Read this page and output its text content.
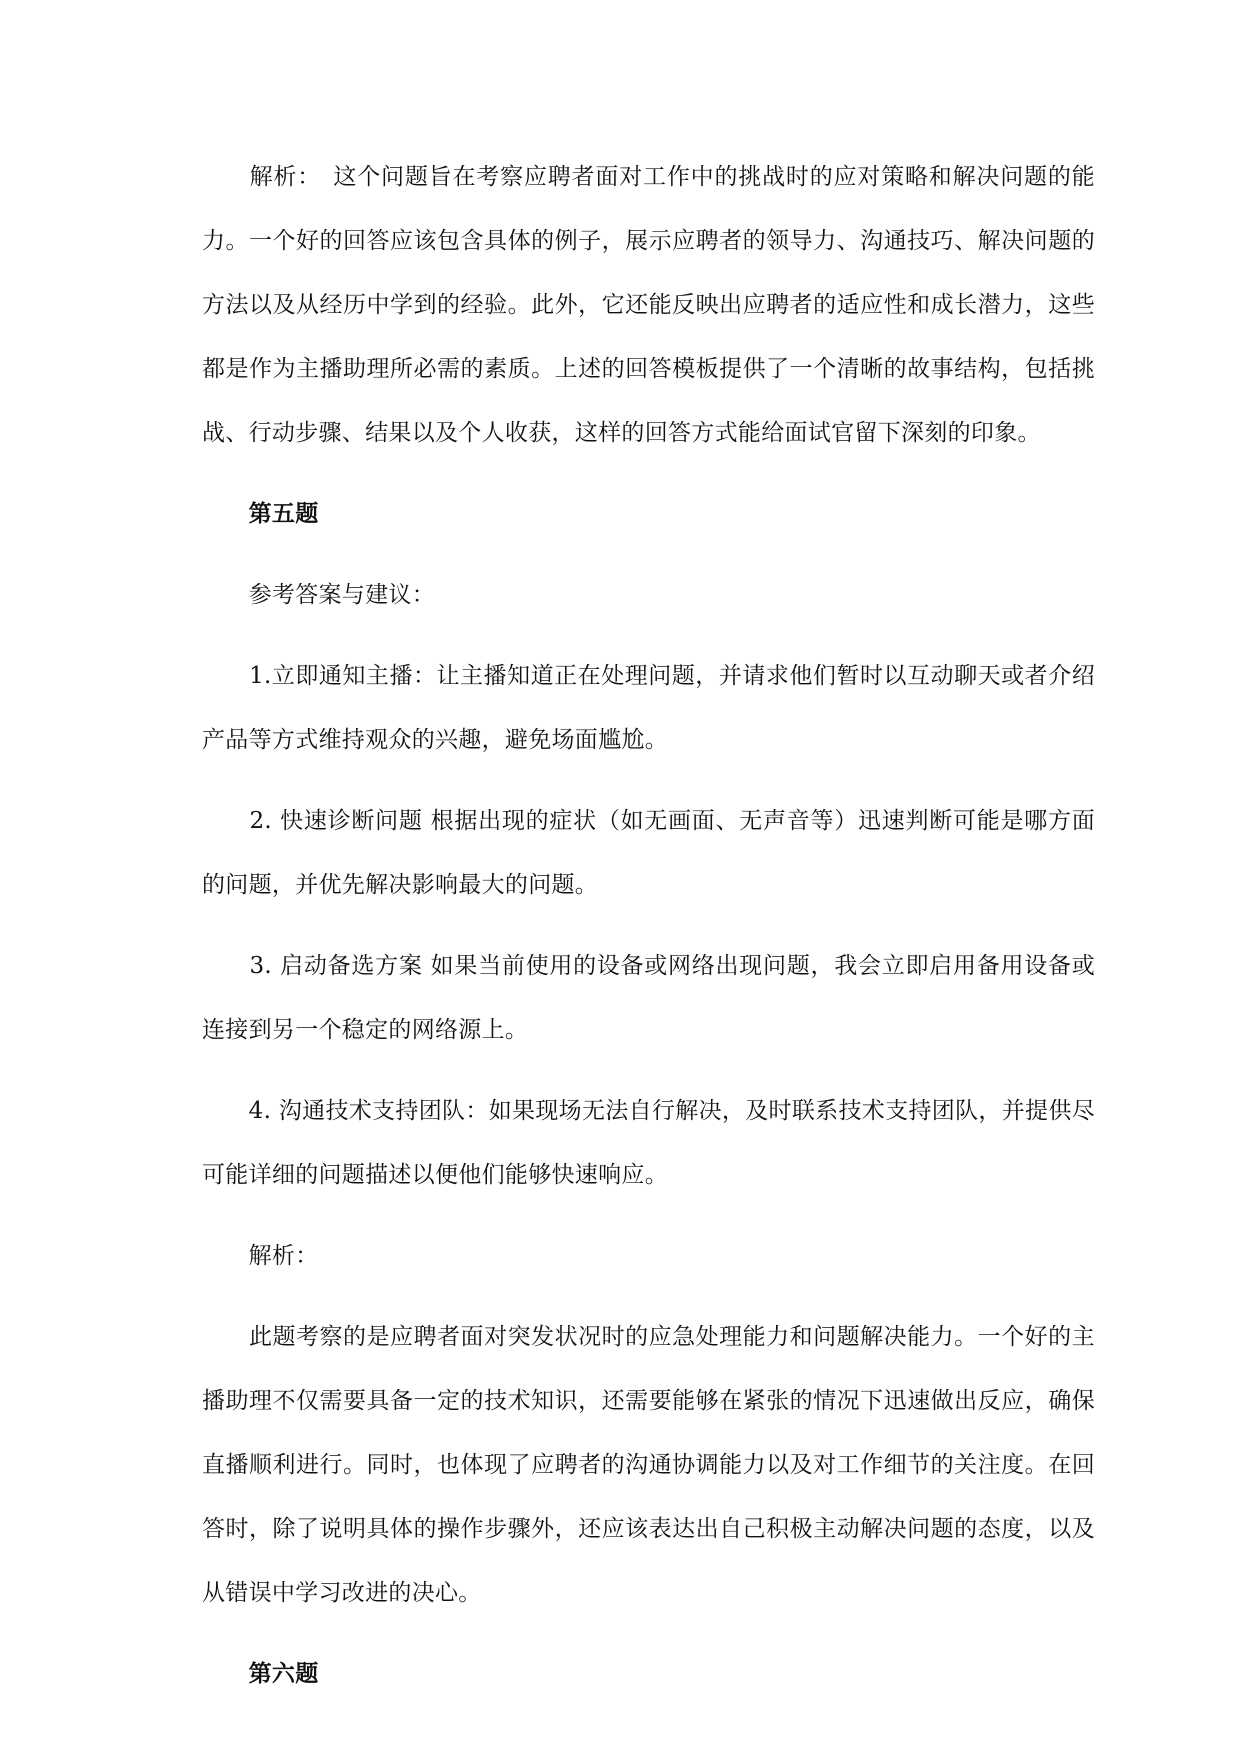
　　解析：　这个问题旨在考察应聘者面对工作中的挑战时的应对策略和解决问题的能力。一个好的回答应该包含具体的例子，展示应聘者的领导力、沟通技巧、解决问题的方法以及从经历中学到的经验。此外，它还能反映出应聘者的适应性和成长潜力，这些都是作为主播助理所必需的素质。上述的回答模板提供了一个清晰的故事结构，包括挑战、行动步骤、结果以及个人收获，这样的回答方式能给面试官留下深刻的印象。

　　第五题

　　参考答案与建议：

　　1.立即通知主播：让主播知道正在处理问题，并请求他们暂时以互动聊天或者介绍产品等方式维持观众的兴趣，避免场面尴尬。

　　2. 快速诊断问题 根据出现的症状（如无画面、无声音等）迅速判断可能是哪方面的问题，并优先解决影响最大的问题。

　　3. 启动备选方案 如果当前使用的设备或网络出现问题，我会立即启用备用设备或连接到另一个稳定的网络源上。

　　4. 沟通技术支持团队：如果现场无法自行解决，及时联系技术支持团队，并提供尽可能详细的问题描述以便他们能够快速响应。

　　解析：

　　此题考察的是应聘者面对突发状况时的应急处理能力和问题解决能力。一个好的主播助理不仅需要具备一定的技术知识，还需要能够在紧张的情况下迅速做出反应，确保直播顺利进行。同时，也体现了应聘者的沟通协调能力以及对工作细节的关注度。在回答时，除了说明具体的操作步骤外，还应该表达出自己积极主动解决问题的态度，以及从错误中学习改进的决心。

　　第六题
